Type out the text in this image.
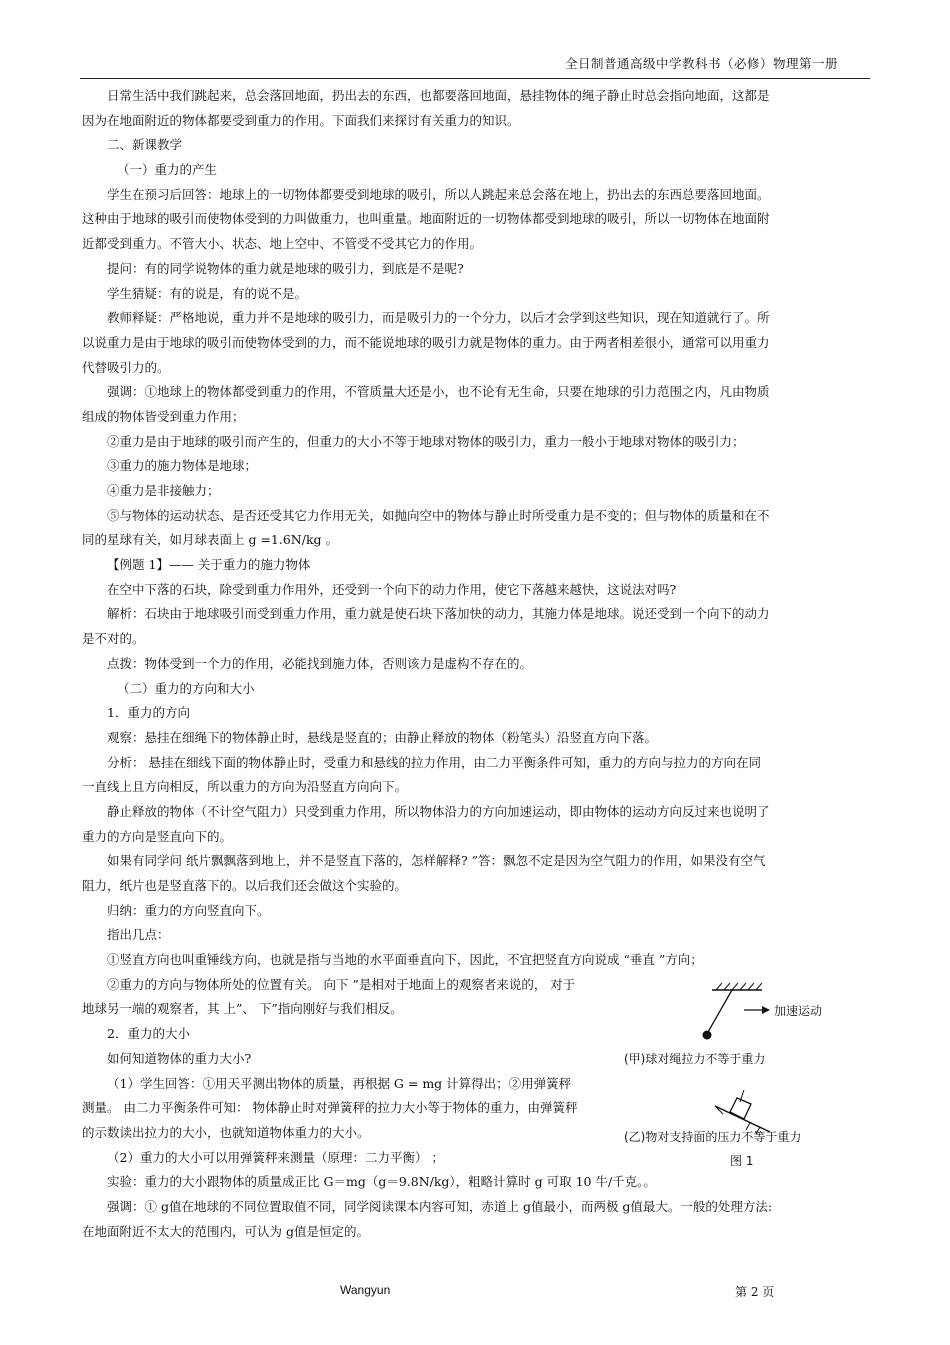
全日制普通高级中学教科书（必修）物理第一册
日常生活中我们跳起来，总会落回地面，扔出去的东西，也都要落回地面，悬挂物体的绳子静止时总会指向地面，这都是
因为在地面附近的物体都要受到重力的作用。下面我们来探讨有关重力的知识。
二、新课教学
（一）重力的产生
学生在预习后回答：地球上的一切物体都要受到地球的吸引，所以人跳起来总会落在地上，扔出去的东西总要落回地面。
这种由于地球的吸引而使物体受到的力叫做重力，也叫重量。地面附近的一切物体都受到地球的吸引，所以一切物体在地面附
近都受到重力。不管大小、状态、地上空中、不管受不受其它力的作用。
提问：有的同学说物体的重力就是地球的吸引力，到底是不是呢?
学生猜疑：有的说是，有的说不是。
教师释疑：严格地说，重力并不是地球的吸引力，而是吸引力的一个分力，以后才会学到这些知识，现在知道就行了。所
以说重力是由于地球的吸引而使物体受到的力，而不能说地球的吸引力就是物体的重力。由于两者相差很小，通常可以用重力
代替吸引力的。
强调：①地球上的物体都受到重力的作用，不管质量大还是小，也不论有无生命，只要在地球的引力范围之内，凡由物质
组成的物体皆受到重力作用；
②重力是由于地球的吸引而产生的，但重力的大小不等于地球对物体的吸引力，重力一般小于地球对物体的吸引力；
③重力的施力物体是地球；
④重力是非接触力；
⑤与物体的运动状态、是否还受其它力作用无关，如抛向空中的物体与静止时所受重力是不变的；但与物体的质量和在不
同的星球有关，如月球表面上 g =1.6N/kg 。
【例题 1】—— 关于重力的施力物体
在空中下落的石块，除受到重力作用外，还受到一个向下的动力作用，使它下落越来越快，这说法对吗?
解析：石块由于地球吸引而受到重力作用，重力就是使石块下落加快的动力，其施力体是地球。说还受到一个向下的动力
是不对的。
点拨：物体受到一个力的作用，必能找到施力体，否则该力是虚构不存在的。
（二）重力的方向和大小
1．重力的方向
观察：悬挂在细绳下的物体静止时，悬线是竖直的；由静止释放的物体（粉笔头）沿竖直方向下落。
分析： 悬挂在细线下面的物体静止时，受重力和悬线的拉力作用，由二力平衡条件可知，重力的方向与拉力的方向在同
一直线上且方向相反，所以重力的方向为沿竖直方向向下。
静止释放的物体（不计空气阻力）只受到重力作用，所以物体沿力的方向加速运动，即由物体的运动方向反过来也说明了
重力的方向是竖直向下的。
如果有同学问 纸片飘飘落到地上，并不是竖直下落的，怎样解释? ”答：飘忽不定是因为空气阻力的作用，如果没有空气
阻力，纸片也是竖直落下的。以后我们还会做这个实验的。
归纳：重力的方向竖直向下。
指出几点：
①竖直方向也叫重锤线方向，也就是指与当地的水平面垂直向下，因此，不宜把竖直方向说成 “垂直 ”方向；
②重力的方向与物体所处的位置有关。 向下 ”是相对于地面上的观察者来说的， 对于
地球另一端的观察者，其 上”、 下”指向刚好与我们相反。
2．重力的大小
如何知道物体的重力大小?
（1）学生回答：①用天平测出物体的质量，再根据 G = mg 计算得出；②用弹簧秤
测量。 由二力平衡条件可知： 物体静止时对弹簧秤的拉力大小等于物体的重力，由弹簧秤
的示数读出拉力的大小，也就知道物体重力的大小。
（2）重力的大小可以用弹簧秤来测量（原理：二力平衡） ；
实验：重力的大小跟物体的质量成正比 G＝mg（g＝9.8N/kg），粗略计算时 g 可取 10 牛/千克。。
强调：① g值在地球的不同位置取值不同，同学阅读课本内容可知，赤道上 g值最小，而两极 g值最大。一般的处理方法:
在地面附近不太大的范围内，可认为 g值是恒定的。
加速运动
(甲)球对绳拉力不等于重力
(乙)物对支持面的压力不等于重力
图 1
Wangyun	第 2 页
